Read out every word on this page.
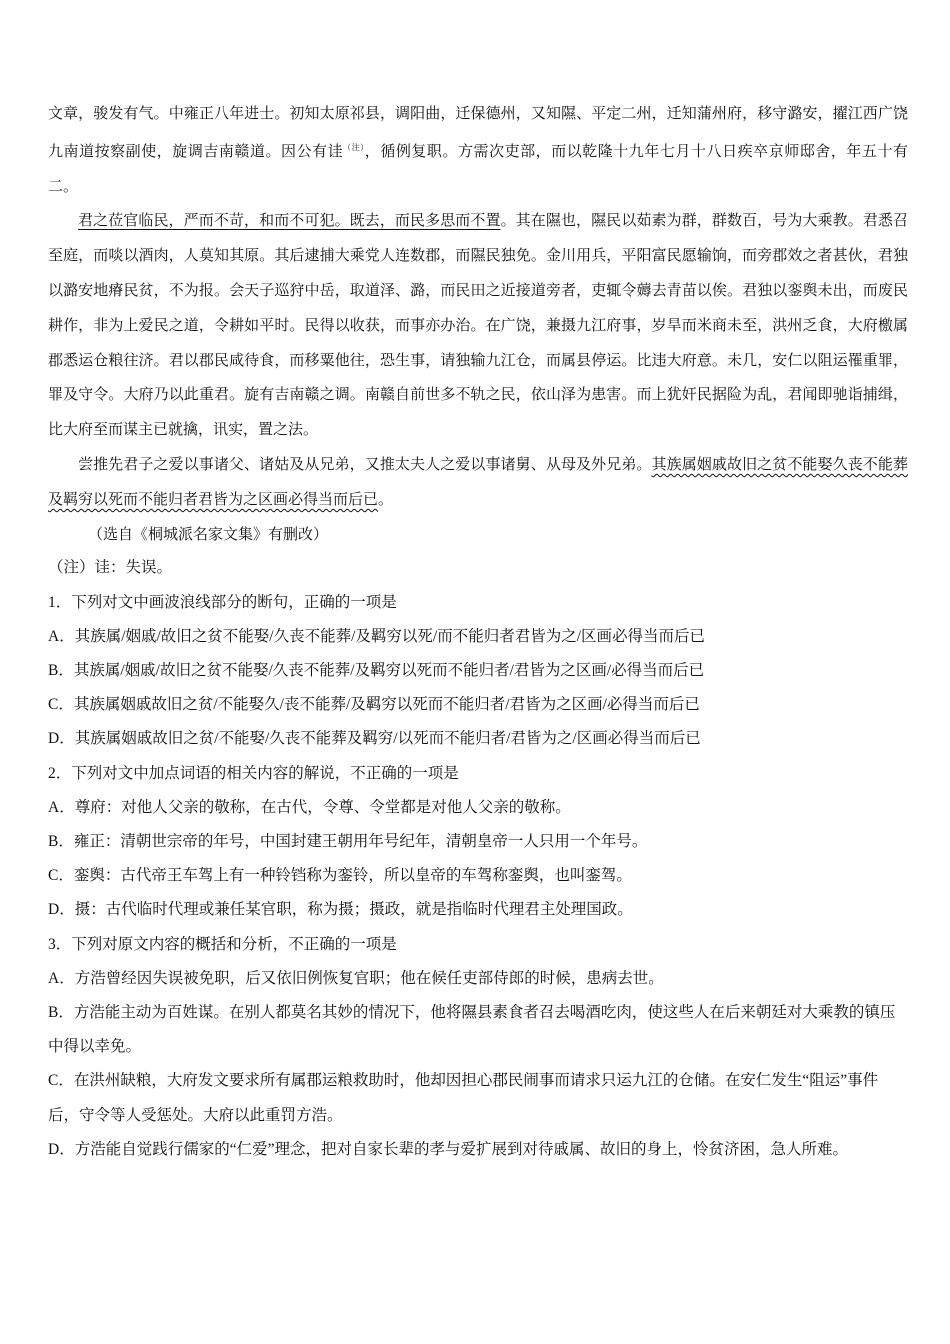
文章，骏发有气。中雍正八年进士。初知太原祁县，调阳曲，迁保德州，又知隰、平定二州，迁知蒲州府，移守潞安，擢江西广饶九南道按察副使，旋调吉南赣道。因公有诖$^{(注)}$，循例复职。方需次吏部，而以乾隆十九年七月十八日疾卒京师邸舍，年五十有二。

君之莅官临民，严而不苛，和而不可犯。既去，而民多思而不置。其在隰也，隰民以茹素为群，群数百，号为大乘教。君悉召至庭，而啖以酒肉，人莫知其原。其后逮捕大乘党人连数郡，而隰民独免。金川用兵，平阳富民愿输饷，而旁郡效之者甚伙，君独以潞安地瘠民贫，不为报。会天子巡狩中岳，取道泽、潞，而民田之近接道旁者，吏辄令薅去青苗以俟。君独以銮舆未出，而废民耕作，非为上爱民之道，令耕如平时。民得以收获，而事亦办治。在广饶，兼摄九江府事，岁旱而米商未至，洪州乏食，大府檄属郡悉运仓粮往济。君以郡民咸待食，而移粟他往，恐生事，请独输九江仓，而属县停运。比违大府意。未几，安仁以阻运罹重罪，罪及守令。大府乃以此重君。旋有吉南赣之调。南赣自前世多不轨之民，依山泽为患害。而上犹奸民据险为乱，君闻即驰诣捕缉，比大府至而谋主已就擒，讯实，置之法。

尝推先君子之爱以事诸父、诸姑及从兄弟，又推太夫人之爱以事诸舅、从母及外兄弟。其族属姻戚故旧之贫不能娶久丧不能葬及羁穷以死而不能归者君皆为之区画必得当而后已。

（选自《桐城派名家文集》有删改）

（注）诖：失误。

1．下列对文中画波浪线部分的断句，正确的一项是

A．其族属/姻戚/故旧之贫不能娶/久丧不能葬/及羁穷以死/而不能归者君皆为之/区画必得当而后已

B．其族属/姻戚/故旧之贫不能娶/久丧不能葬/及羁穷以死而不能归者/君皆为之区画/必得当而后已

C．其族属姻戚故旧之贫/不能娶久/丧不能葬/及羁穷以死而不能归者/君皆为之区画/必得当而后已

D．其族属姻戚故旧之贫/不能娶/久丧不能葬及羁穷/以死而不能归者/君皆为之/区画必得当而后已

2．下列对文中加点词语的相关内容的解说，不正确的一项是

A．尊府：对他人父亲的敬称，在古代，令尊、令堂都是对他人父亲的敬称。

B．雍正：清朝世宗帝的年号，中国封建王朝用年号纪年，清朝皇帝一人只用一个年号。

C．銮舆：古代帝王车驾上有一种铃铛称为銮铃，所以皇帝的车驾称銮舆，也叫銮驾。

D．摄：古代临时代理或兼任某官职，称为摄；摄政，就是指临时代理君主处理国政。

3．下列对原文内容的概括和分析，不正确的一项是

A．方浩曾经因失误被免职，后又依旧例恢复官职；他在候任吏部侍郎的时候，患病去世。

B．方浩能主动为百姓谋。在别人都莫名其妙的情况下，他将隰县素食者召去喝酒吃肉，使这些人在后来朝廷对大乘教的镇压中得以幸免。

C．在洪州缺粮，大府发文要求所有属郡运粮救助时，他却因担心郡民闹事而请求只运九江的仓储。在安仁发生“阻运”事件后，守令等人受惩处。大府以此重罚方浩。

D．方浩能自觉践行儒家的“仁爱”理念，把对自家长辈的孝与爱扩展到对待戚属、故旧的身上，怜贫济困，急人所难。
